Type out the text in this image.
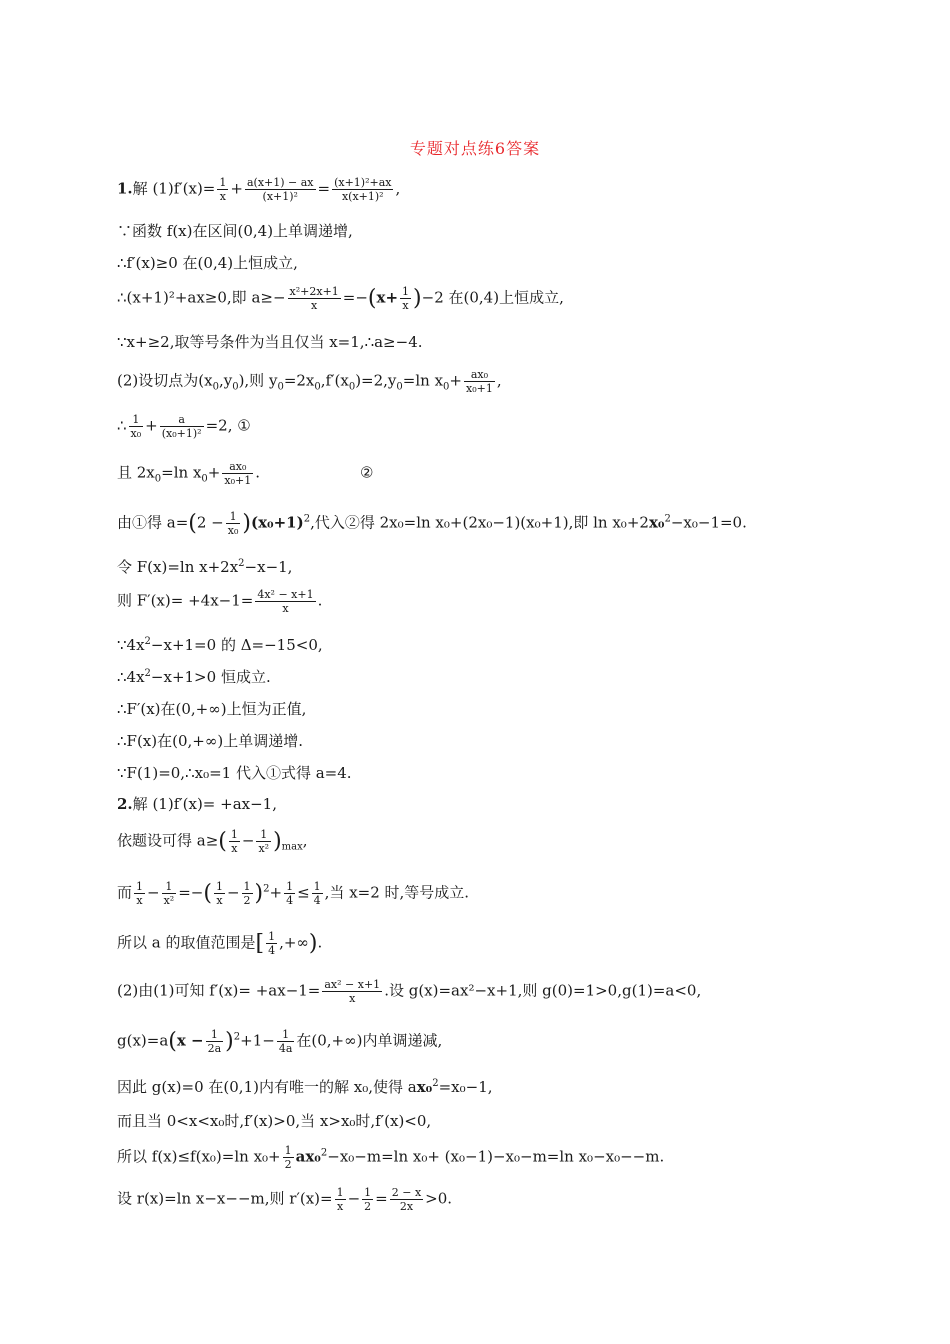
专题对点练6答案
1.解 $(1)f'(x)= \frac{1}{x} + \frac{a(x+1) - ax}{\text{(x+1)²}} = \frac{\text{(x+1)²+ax}}{\text{x(x+1)²}}$ ,
∵函数 f(x)在区间(0,4)上单调递增,
∴f′(x)≥0 在(0,4)上恒成立,
∴(x+1)²+ax≥0,即 $a\ge- \frac{\text{x²+2x+1}}{x} =-(x+ \frac{1}{x} )-2$ 在(0,4)上恒成立,
∵x+≥2,取等号条件为当且仅当 x=1,∴a≥−4.
(2)设切点为$(x_0,y_0)$,则 $y_0=2x_0,f'(x_0)=2,y_0=\ln$ $x_0+ \frac{\text{ax₀}}{\text{x₀+1}}$ ,
∴ $\frac{1}{\text{x₀}} + \frac{a}{\text{(x₀+1)²}} =2$, ①
且 $2x_0=\ln$ $x_0+ \frac{\text{ax₀}}{\text{x₀+1}}$ .	②
由①得 $a=(2 - \frac{1}{\text{x₀}} )(x_0+1)^2$,代入②得 2x₀=ln x₀+(2x₀−1)(x₀+1),即 ln x₀+2x₀$^2$−x₀−1=0.
令 F(x)=ln $x+2x^2-x-1$,
则 $F'(x)= +4x-1= \frac{\text{4x² − x+1}}{x}$ .
$\because 4x^2-x+1=0$ 的 Δ=−15<0,
$\therefore 4x^2-x+1>0$ 恒成立.
∴F′(x)在(0,+∞)上恒为正值,
∴F(x)在(0,+∞)上单调递增.
∵F(1)=0,∴x₀=1 代入①式得 a=4.
2.解 (1)f′(x)= +ax−1,
依题设可得 $a\ge( \frac{1}{x} - \frac{1}{\text{x²}} )_{max}$,
而 $\frac{1}{x} - \frac{1}{\text{x²}}$ =−( $\frac{1}{x} - \frac{1}{2} )^2+ \frac{1}{4} \le \frac{1}{4}$ ,当 x=2 时,等号成立.
所以 a 的取值范围是[ $\frac{1}{4}$ ,+∞).
(2)由(1)可知 $f'(x)= +ax-1= \frac{\text{ax² − x+1}}{x}$ .设 g(x)=ax²−x+1,则 g(0)=1>0,g(1)=a<0,
$g(x)=a(x - \frac{1}{2a} )^2+1- \frac{1}{4a}$ 在(0,+∞)内单调递减,
因此 g(x)=0 在(0,1)内有唯一的解 x₀,使得 ax₀$^2$=x₀−1,
而且当 0<x<x₀时,f′(x)>0,当 x>x₀时,f′(x)<0,
所以 f(x)≤f(x₀)=ln $x_0+ \frac{1}{2} ax_0^2-x_0-m=\ln$ x₀+ (x₀−1)−x₀−m=ln x₀−x₀−−m.
设 r(x)=ln x−x−−m,则 $r'(x)= \frac{1}{x} - \frac{1}{2} = \frac{2 - x}{2x} >0$.
